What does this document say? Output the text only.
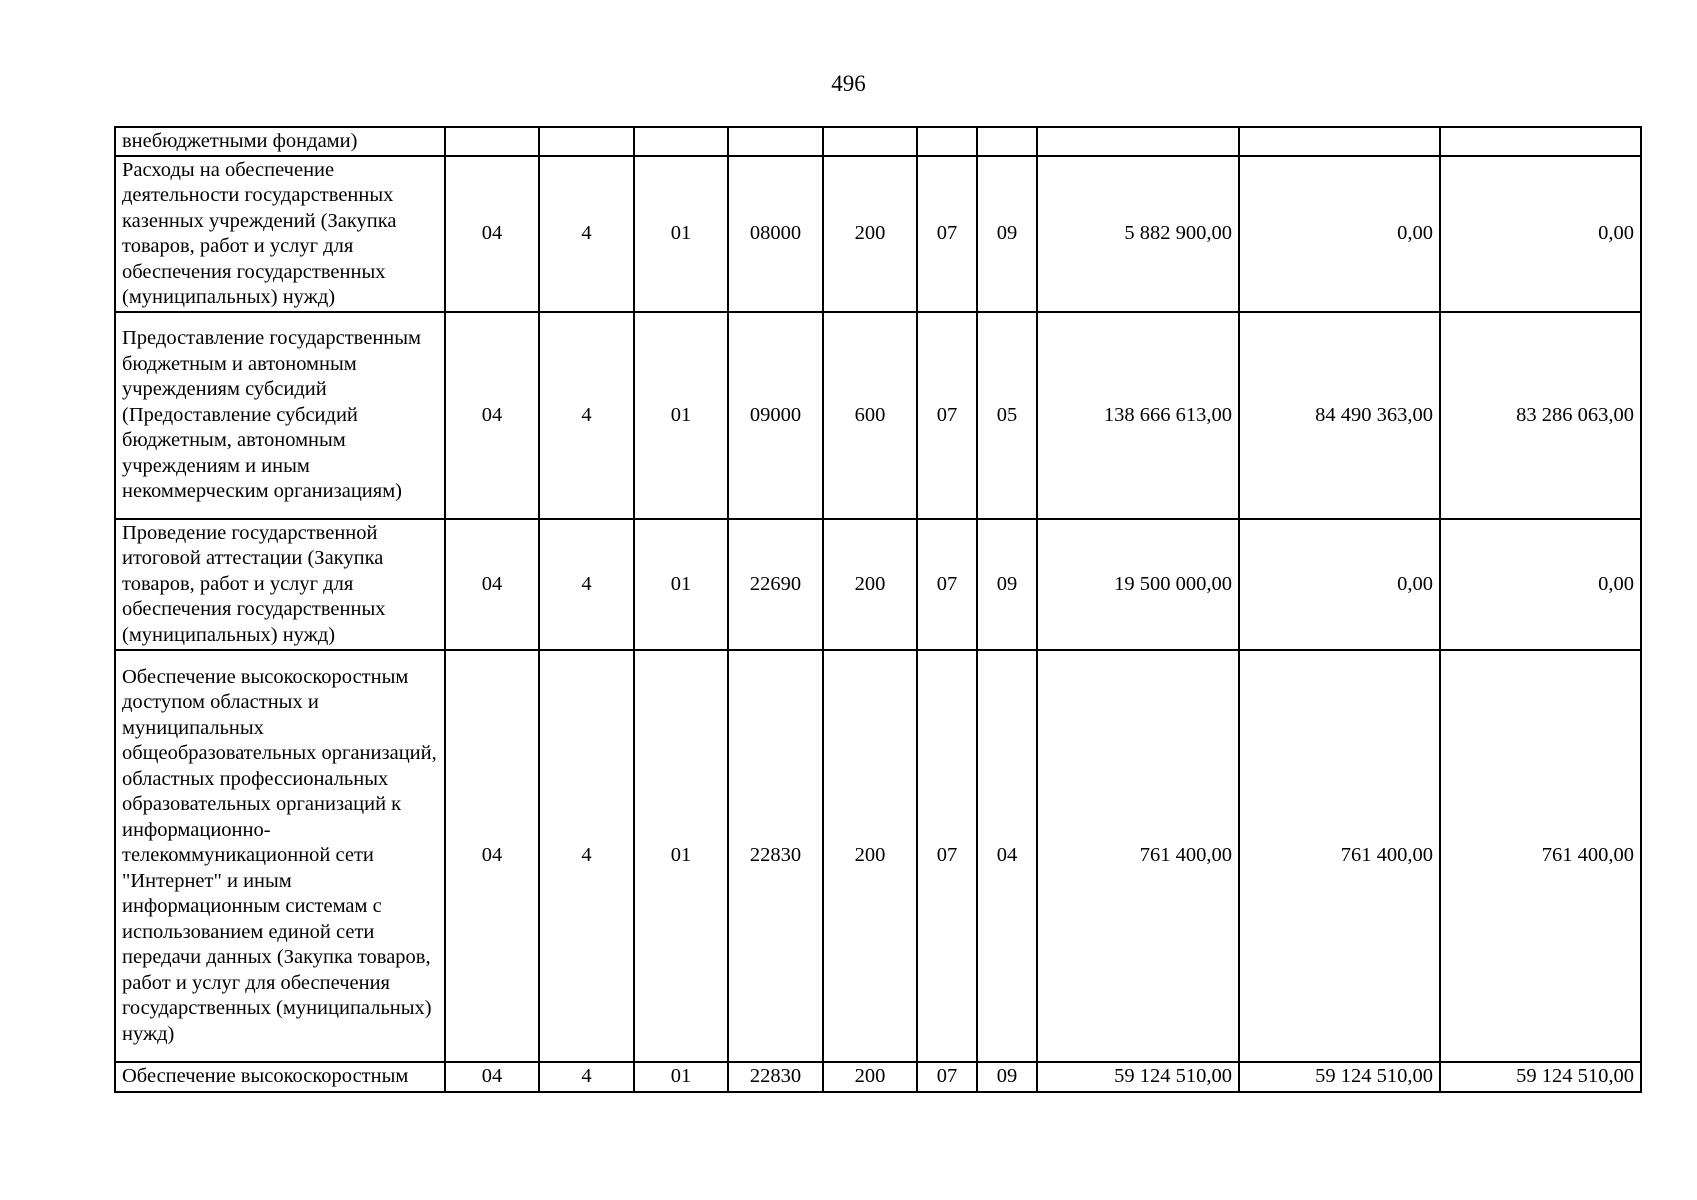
496
внебюджетными фондами)										
Расходы на обеспечение деятельности государственных казенных учреждений (Закупка товаров, работ и услуг для обеспечения государственных (муниципальных) нужд)	04	4	01	08000	200	07	09	5 882 900,00	0,00	0,00
Предоставление государственным бюджетным и автономным учреждениям субсидий (Предоставление субсидий бюджетным, автономным учреждениям и иным некоммерческим организациям)	04	4	01	09000	600	07	05	138 666 613,00	84 490 363,00	83 286 063,00
Проведение государственной итоговой аттестации (Закупка товаров, работ и услуг для обеспечения государственных (муниципальных) нужд)	04	4	01	22690	200	07	09	19 500 000,00	0,00	0,00
Обеспечение высокоскоростным доступом областных и муниципальных общеобразовательных организаций, областных профессиональных образовательных организаций к информационно-телекоммуникационной сети "Интернет" и иным информационным системам с использованием единой сети передачи данных (Закупка товаров, работ и услуг для обеспечения государственных (муниципальных) нужд)	04	4	01	22830	200	07	04	761 400,00	761 400,00	761 400,00
Обеспечение высокоскоростным	04	4	01	22830	200	07	09	59 124 510,00	59 124 510,00	59 124 510,00
